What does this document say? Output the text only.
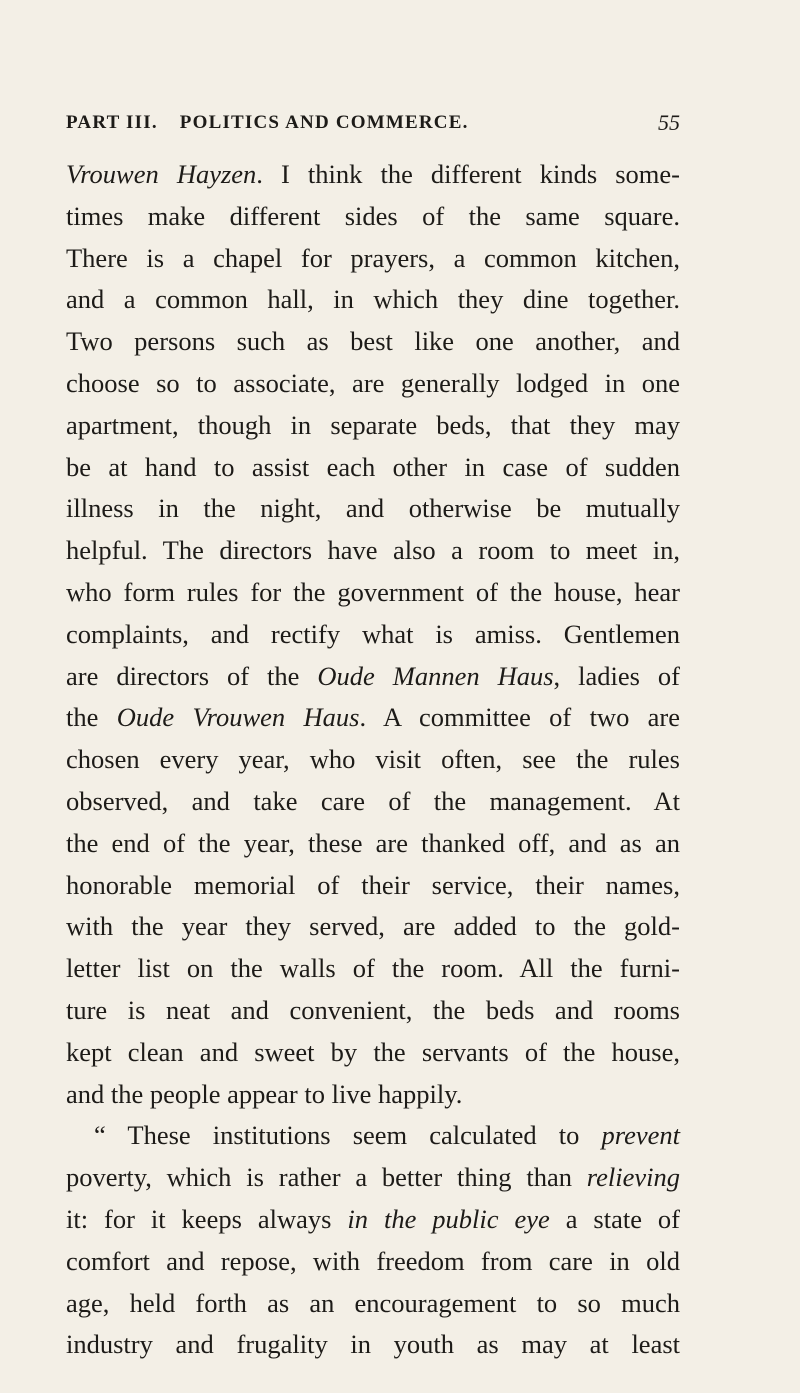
PART III. POLITICS AND COMMERCE.	55
Vrouwen Hayzen. I think the different kinds some-
times make different sides of the same square.
There is a chapel for prayers, a common kitchen,
and a common hall, in which they dine together.
Two persons such as best like one another, and
choose so to associate, are generally lodged in one
apartment, though in separate beds, that they may
be at hand to assist each other in case of sudden
illness in the night, and otherwise be mutually
helpful. The directors have also a room to meet in,
who form rules for the government of the house, hear
complaints, and rectify what is amiss. Gentlemen
are directors of the Oude Mannen Haus, ladies of
the Oude Vrouwen Haus. A committee of two are
chosen every year, who visit often, see the rules
observed, and take care of the management. At
the end of the year, these are thanked off, and as an
honorable memorial of their service, their names,
with the year they served, are added to the gold-
letter list on the walls of the room. All the furni-
ture is neat and convenient, the beds and rooms
kept clean and sweet by the servants of the house,
and the people appear to live happily.
“ These institutions seem calculated to prevent
poverty, which is rather a better thing than relieving
it: for it keeps always in the public eye a state of
comfort and repose, with freedom from care in old
age, held forth as an encouragement to so much
industry and frugality in youth as may at least
